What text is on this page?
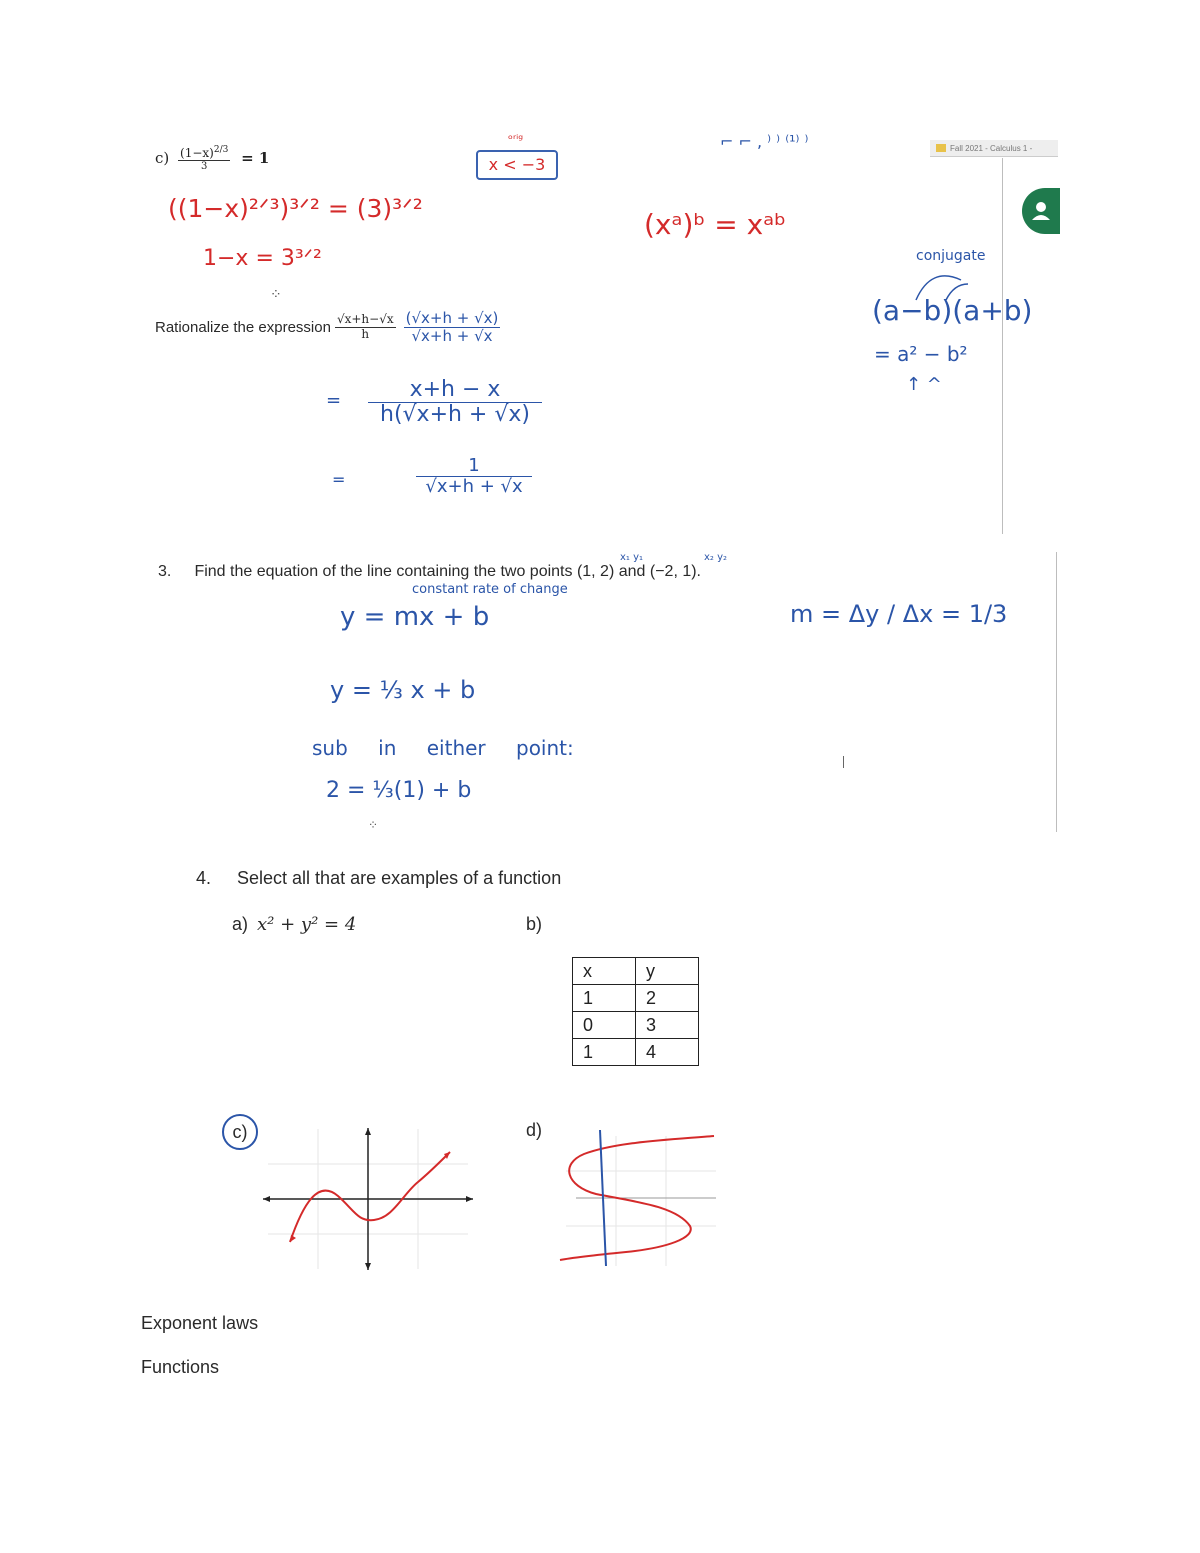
$c) \frac{(1-x)^{2/3}}{3} = 1$
((1−x)²ᐟ³)³ᐟ² = (3)³ᐟ²
1−x = 3³ᐟ²
⁘
ᵒʳⁱᵍ
x < −3
(xᵃ)ᵇ = xᵃᵇ
⌐ ⌐ , ⁾ ⁾ ⁽¹⁾ ⁾	Fall 2021 - Calculus 1 -
conjugate
(a−b)(a+b)
= a² − b²
↑ ^
Rationalize the expression $\frac{√x+h-√x}{h} \frac{(√x+h + √x)}{√x+h + √x}$
= $\frac{x+h - x}{h(√x+h + √x)}$
=	$\frac{1}{√x+h + √x}$
x₁ y₁	x₂ y₂
3. Find the equation of the line containing the two points (1, 2) and (−2, 1).
constant rate of change
y = mx + b	m = Δy / Δx = 1/3
y = ⅓ x + b
sub in either point:
2 = ⅓(1) + b
⁘
4. Select all that are examples of a function
a) x² + y² = 4	b)
x	y
1	2
0	3
1	4
c)	d)
Exponent laws
Functions
